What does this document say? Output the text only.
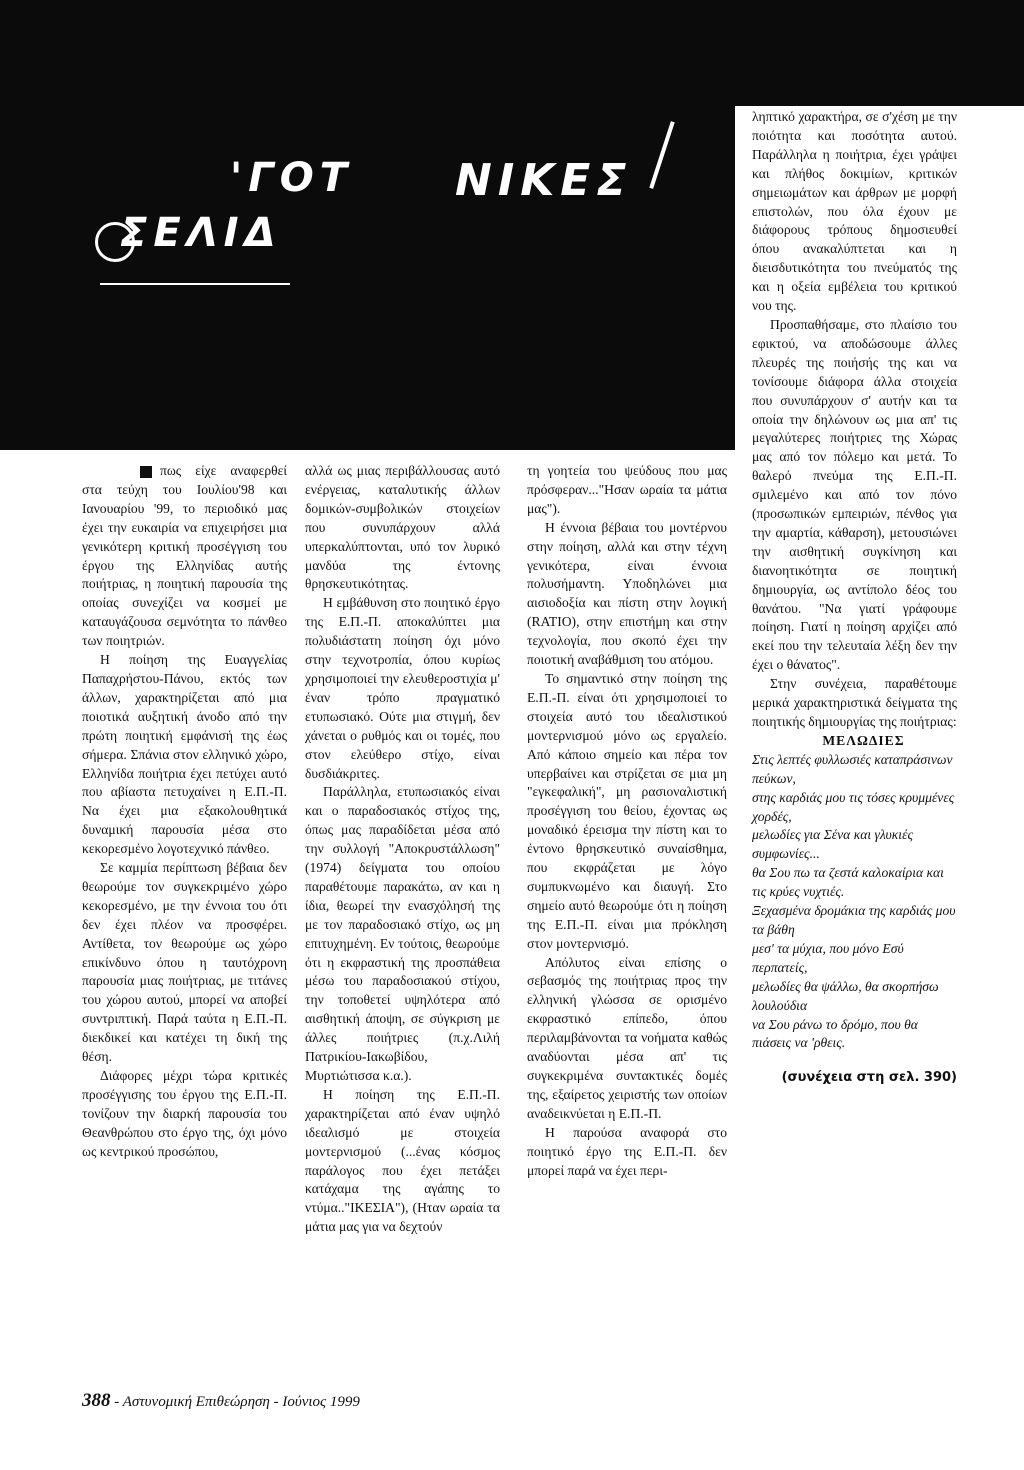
'ΓΟΤ ΝΙΚΕΣ
ΣΕΛΙΔ

πως είχε αναφερθεί στα τεύχη του Ιουλίου'98 και Ιανουαρίου '99, το περιοδικό μας έχει την ευκαιρία να επιχειρήσει μια γενικότερη κριτική προσέγγιση του έργου της Ελληνίδας αυτής ποιήτριας, η ποιητική παρουσία της οποίας συνεχίζει να κοσμεί με καταυγάζουσα σεμνότητα το πάνθεο των ποιητριών.

Η ποίηση της Ευαγγελίας Παπαχρήστου-Πάνου, εκτός των άλλων, χαρακτηρίζεται από μια ποιοτικά αυξητική άνοδο από την πρώτη ποιητική εμφάνισή της έως σήμερα. Σπάνια στον ελληνικό χώρο, Ελληνίδα ποιήτρια έχει πετύχει αυτό που αβίαστα πετυχαίνει η Ε.Π.-Π. Να έχει μια εξακολουθητικά δυναμική παρουσία μέσα στο κεκορεσμένο λογοτεχνικό πάνθεο.

Σε καμμία περίπτωση βέβαια δεν θεωρούμε τον συγκεκριμένο χώρο κεκορεσμένο, με την έννοια του ότι δεν έχει πλέον να προσφέρει. Αντίθετα, τον θεωρούμε ως χώρο επικίνδυνο όπου η ταυτόχρονη παρουσία μιας ποιήτριας, με τιτάνες του χώρου αυτού, μπορεί να αποβεί συντριπτική. Παρά ταύτα η Ε.Π.-Π. διεκδικεί και κατέχει τη δική της θέση.

Διάφορες μέχρι τώρα κριτικές προσέγγισης του έργου της Ε.Π.-Π. τονίζουν την διαρκή παρουσία του Θεανθρώπου στο έργο της, όχι μόνο ως κεντρικού προσώπου,

αλλά ως μιας περιβάλλουσας αυτό ενέργειας, καταλυτικής άλλων δομικών-συμβολικών στοιχείων που συνυπάρχουν αλλά υπερκαλύπτονται, υπό τον λυρικό μανδύα της έντονης θρησκευτικότητας.

Η εμβάθυνση στο ποιητικό έργο της Ε.Π.-Π. αποκαλύπτει μια πολυδιάστατη ποίηση όχι μόνο στην τεχνοτροπία, όπου κυρίως χρησιμοποιεί την ελευθεροστιχία μ' έναν τρόπο πραγματικό ετυπωσιακό. Ούτε μια στιγμή, δεν χάνεται ο ρυθμός και οι τομές, που στον ελεύθερο στίχο, είναι δυσδιάκριτες.

Παράλληλα, ετυπωσιακός είναι και ο παραδοσιακός στίχος της, όπως μας παραδίδεται μέσα από την συλλογή "Αποκρυστάλλωση" (1974) δείγματα του οποίου παραθέτουμε παρακάτω, αν και η ίδια, θεωρεί την ενασχόλησή της με τον παραδοσιακό στίχο, ως μη επιτυχημένη. Εν τούτοις, θεωρούμε ότι η εκφραστική της προσπάθεια μέσω του παραδοσιακού στίχου, την τοποθετεί υψηλότερα από αισθητική άποψη, σε σύγκριση με άλλες ποιήτριες (π.χ.Λιλή Πατρικίου-Ιακωβίδου, Μυρτιώτισσα κ.α.).

Η ποίηση της Ε.Π.-Π. χαρακτηρίζεται από έναν υψηλό ιδεαλισμό με στοιχεία μοντερνισμού (...ένας κόσμος παράλογος που έχει πετάξει κατάχαμα της αγάπης το ντύμα.."ΙΚΕΣΙΑ"), (Ηταν ωραία τα μάτια μας για να δεχτούν

τη γοητεία του ψεύδους που μας πρόσφεραν..."Ησαν ωραία τα μάτια μας").

Η έννοια βέβαια του μοντέρνου στην ποίηση, αλλά και στην τέχνη γενικότερα, είναι έννοια πολυσήμαντη. Υποδηλώνει μια αισιοδοξία και πίστη στην λογική (RATIO), στην επιστήμη και στην τεχνολογία, που σκοπό έχει την ποιοτική αναβάθμιση του ατόμου.

Το σημαντικό στην ποίηση της Ε.Π.-Π. είναι ότι χρησιμοποιεί το στοιχεία αυτό του ιδεαλιστικού μοντερνισμού μόνο ως εργαλείο. Από κάποιο σημείο και πέρα τον υπερβαίνει και στρίζεται σε μια μη "εγκεφαλική", μη ρασιοναλιστική προσέγγιση του θείου, έχοντας ως μοναδικό έρεισμα την πίστη και το έντονο θρησκευτικό συναίσθημα, που εκφράζεται με λόγο συμπυκνωμένο και διαυγή. Στο σημείο αυτό θεωρούμε ότι η ποίηση της Ε.Π.-Π. είναι μια πρόκληση στον μοντερνισμό.

Απόλυτος είναι επίσης ο σεβασμός της ποιήτριας προς την ελληνική γλώσσα σε ορισμένο εκφραστικό επίπεδο, όπου περιλαμβάνονται τα νοήματα καθώς αναδύονται μέσα απ' τις συγκεκριμένα συντακτικές δομές της, εξαίρετος χειριστής των οποίων αναδεικνύεται η Ε.Π.-Π.

Η παρούσα αναφορά στο ποιητικό έργο της Ε.Π.-Π. δεν μπορεί παρά να έχει περι-

ληπτικό χαρακτήρα, σε σ'χέση με την ποιότητα και ποσότητα αυτού. Παράλληλα η ποιήτρια, έχει γράψει και πλήθος δοκιμίων, κριτικών σημειωμάτων και άρθρων με μορφή επιστολών, που όλα έχουν με διάφορους τρόπους δημοσιευθεί όπου ανακαλύπτεται και η διεισδυτικότητα του πνεύματός της και η οξεία εμβέλεια του κριτικού νου της.

Προσπαθήσαμε, στο πλαίσιο του εφικτού, να αποδώσουμε άλλες πλευρές της ποιήσής της και να τονίσουμε διάφορα άλλα στοιχεία που συνυπάρχουν σ' αυτήν και τα οποία την δηλώνουν ως μια απ' τις μεγαλύτερες ποιήτριες της Χώρας μας από τον πόλεμο και μετά. Το θαλερό πνεύμα της Ε.Π.-Π. σμιλεμένο και από τον πόνο (προσωπικών εμπειριών, πένθος για την αμαρτία, κάθαρση), μετουσιώνει την αισθητική συγκίνηση και διανοητικότητα σε ποιητική δημιουργία, ως αντίπολο δέος του θανάτου. "Να γιατί γράφουμε ποίηση. Γιατί η ποίηση αρχίζει από εκεί που την τελευταία λέξη δεν την έχει ο θάνατος".

Στην συνέχεια, παραθέτουμε μερικά χαρακτηριστικά δείγματα της ποιητικής δημιουργίας της ποιήτριας:

ΜΕΛΩΔΙΕΣ

Στις λεπτές φυλλωσιές καταπράσινων πεύκων,

στης καρδιάς μου τις τόσες κρυμμένες χορδές,

μελωδίες για Σένα και γλυκιές συμφωνίες...

θα Σου πω τα ζεστά καλοκαίρια και τις κρύες νυχτιές.

Ξεχασμένα δρομάκια της καρδιάς μου τα βάθη

μεσ' τα μύχια, που μόνο Εσύ περπατείς,

μελωδίες θα ψάλλω, θα σκορπήσω λουλούδια

να Σου ράνω το δρόμο, που θα πιάσεις να 'ρθεις.

(συνέχεια στη σελ. 390)
388 - Αστυνομική Επιθεώρηση - Ιούνιος 1999
